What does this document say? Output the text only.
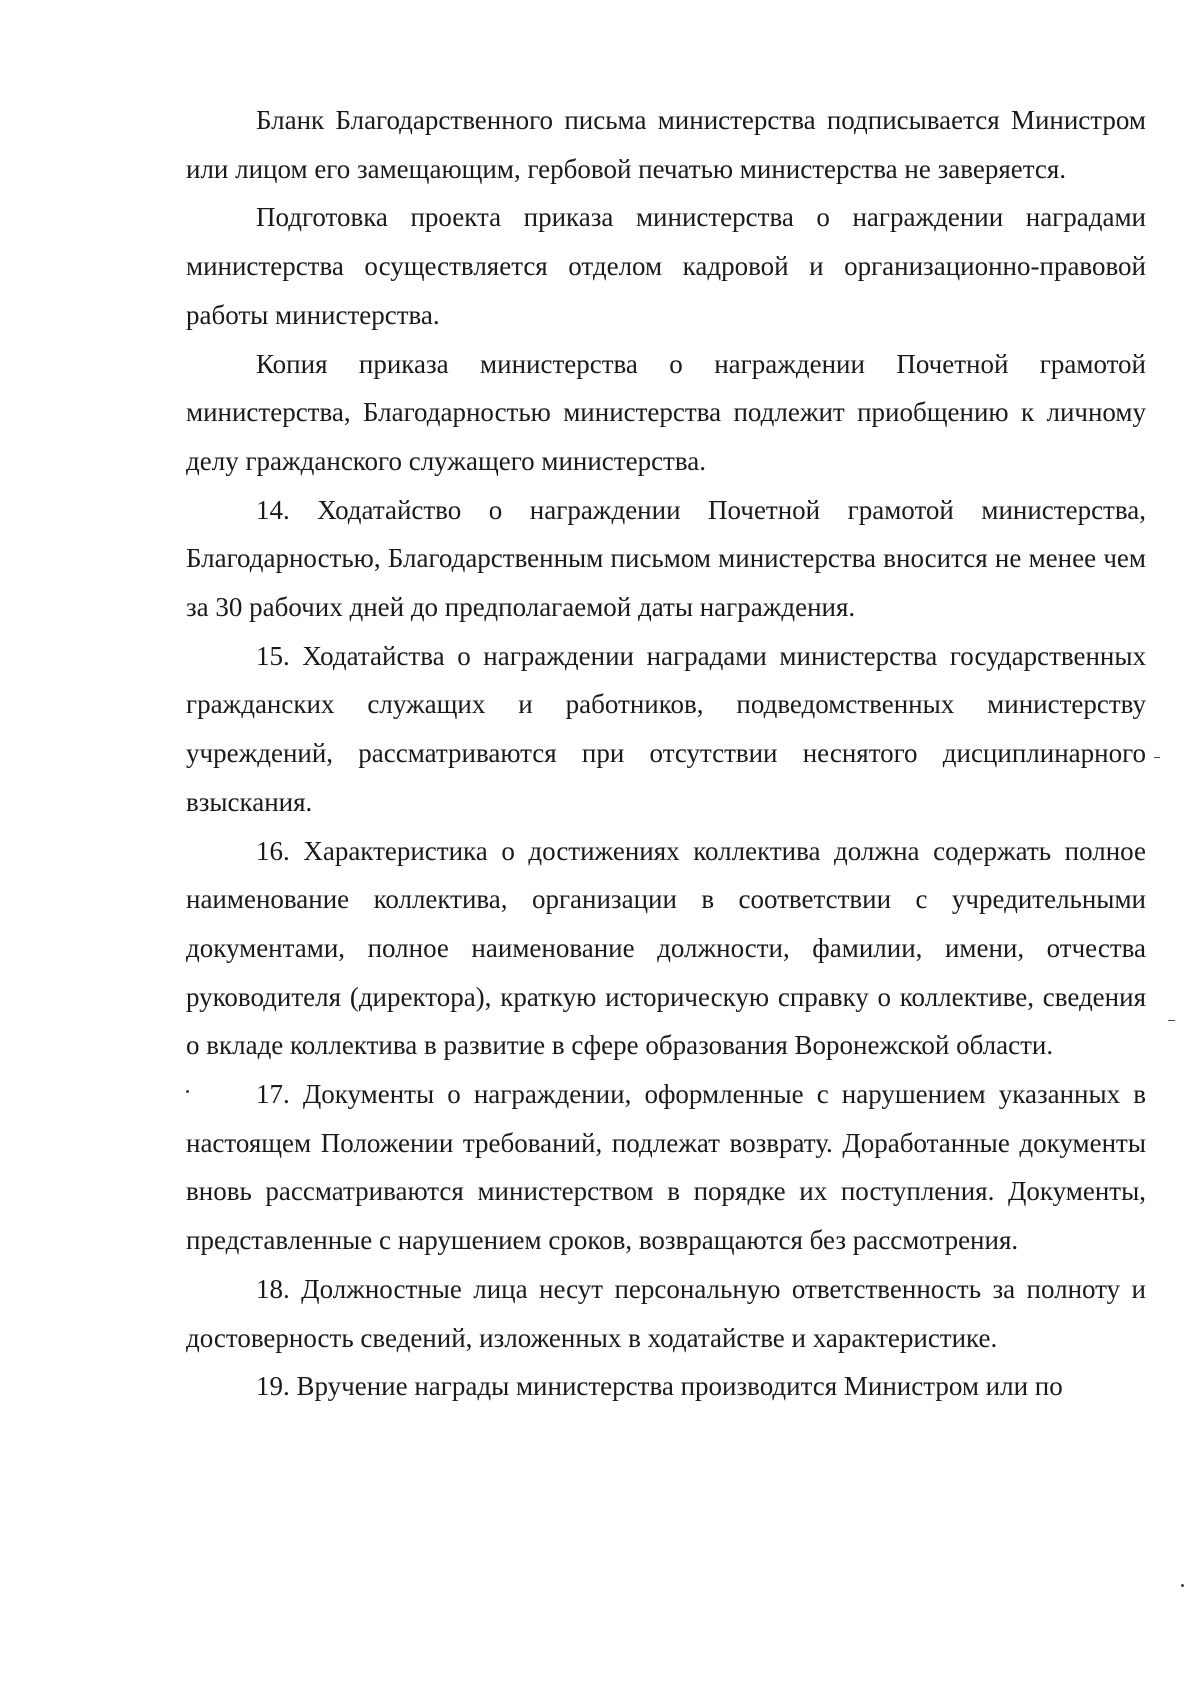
Бланк Благодарственного письма министерства подписывается Министром или лицом его замещающим, гербовой печатью министерства не заверяется.

Подготовка проекта приказа министерства о награждении наградами министерства осуществляется отделом кадровой и организационно-правовой работы министерства.

Копия приказа министерства о награждении Почетной грамотой министерства, Благодарностью министерства подлежит приобщению к личному делу гражданского служащего министерства.

14. Ходатайство о награждении Почетной грамотой министерства, Благодарностью, Благодарственным письмом министерства вносится не менее чем за 30 рабочих дней до предполагаемой даты награждения.

15. Ходатайства о награждении наградами министерства государственных гражданских служащих и работников, подведомственных министерству учреждений, рассматриваются при отсутствии неснятого дисциплинарного взыскания.

16. Характеристика о достижениях коллектива должна содержать полное наименование коллектива, организации в соответствии с учредительными документами, полное наименование должности, фамилии, имени, отчества руководителя (директора), краткую историческую справку о коллективе, сведения о вкладе коллектива в развитие в сфере образования Воронежской области.

17. Документы о награждении, оформленные с нарушением указанных в настоящем Положении требований, подлежат возврату. Доработанные документы вновь рассматриваются министерством в порядке их поступления. Документы, представленные с нарушением сроков, возвращаются без рассмотрения.

18. Должностные лица несут персональную ответственность за полноту и достоверность сведений, изложенных в ходатайстве и характеристике.

19. Вручение награды министерства производится Министром или по
